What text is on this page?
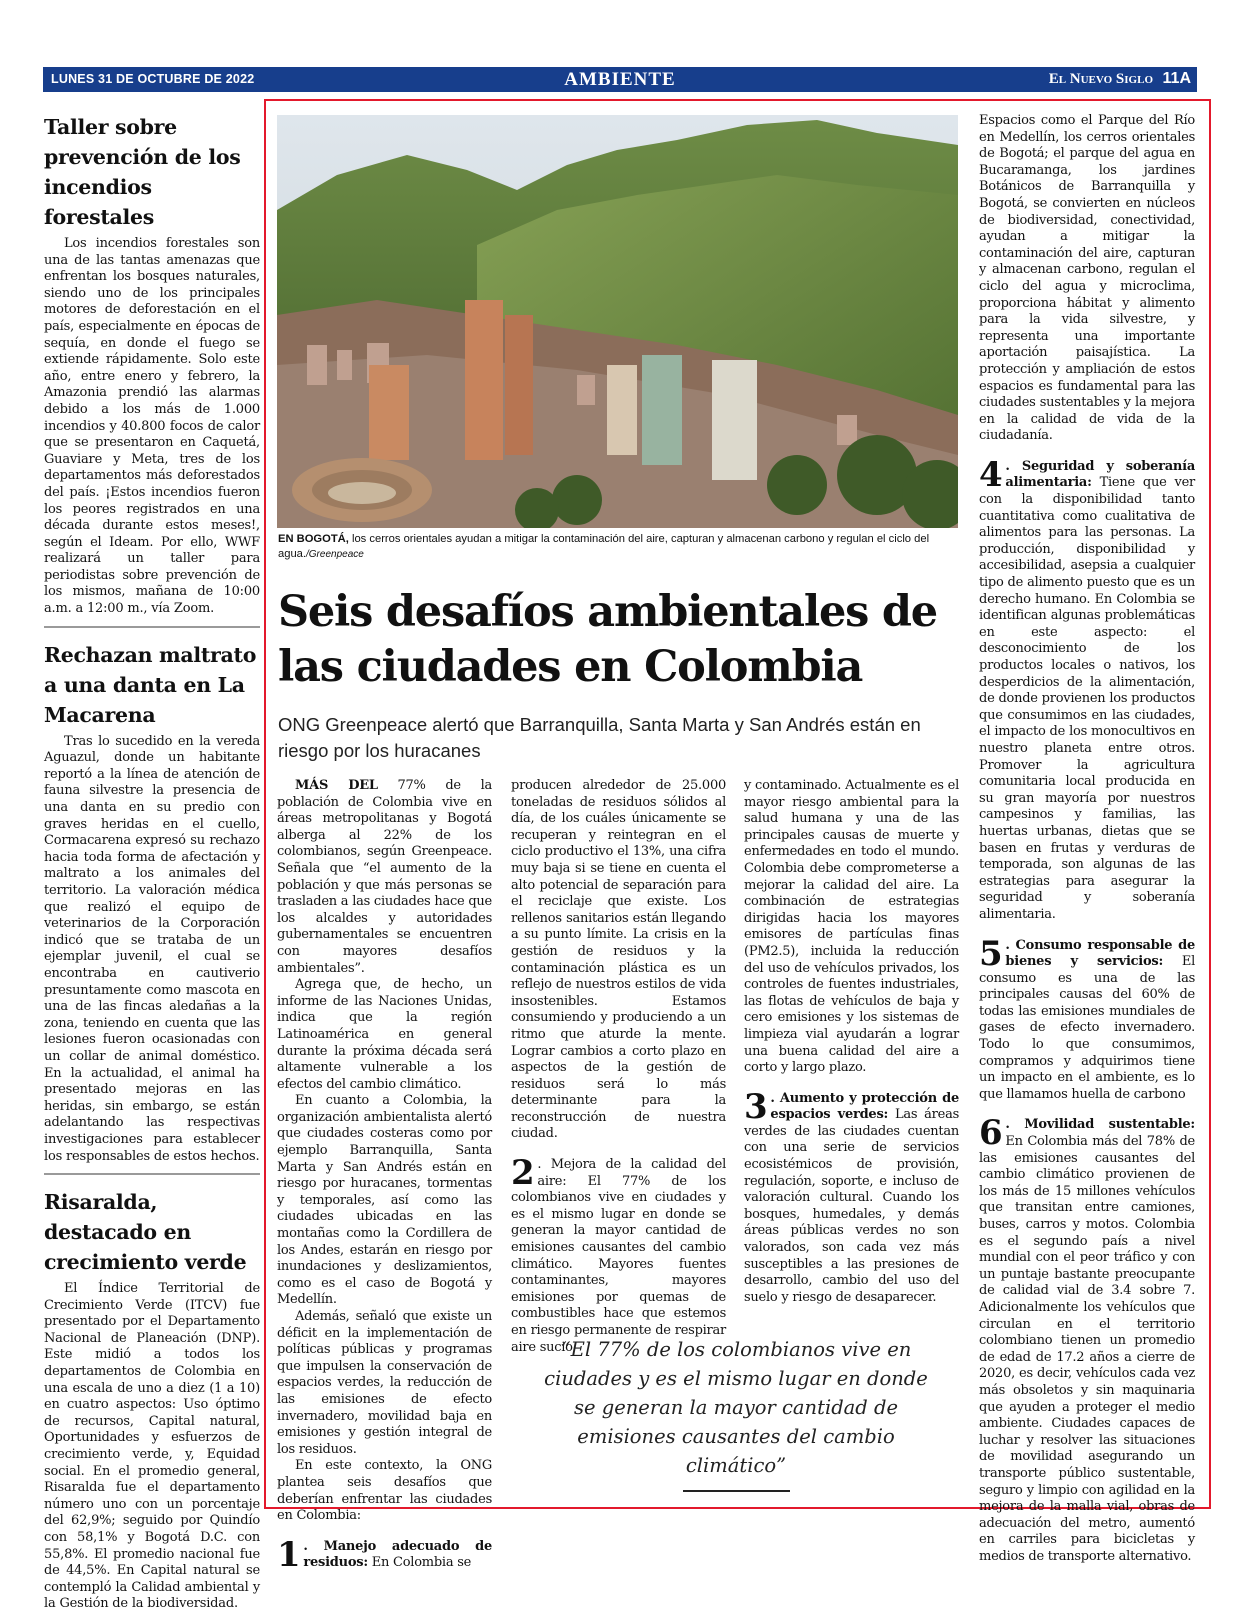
LUNES 31 DE OCTUBRE DE 2022	AMBIENTE	El Nuevo Siglo 11A
Taller sobre prevención de los incendios forestales

Los incendios forestales son una de las tantas amenazas que enfrentan los bosques naturales, siendo uno de los principales motores de deforestación en el país, especialmente en épocas de sequía, en donde el fuego se extiende rápidamente. Solo este año, entre enero y febrero, la Amazonia prendió las alarmas debido a los más de 1.000 incendios y 40.800 focos de calor que se presentaron en Caquetá, Guaviare y Meta, tres de los departamentos más deforestados del país. ¡Estos incendios fueron los peores registrados en una década durante estos meses!, según el Ideam. Por ello, WWF realizará un taller para periodistas sobre prevención de los mismos, mañana de 10:00 a.m. a 12:00 m., vía Zoom.

Rechazan maltrato a una danta en La Macarena

Tras lo sucedido en la vereda Aguazul, donde un habitante reportó a la línea de atención de fauna silvestre la presencia de una danta en su predio con graves heridas en el cuello, Cormacarena expresó su rechazo hacia toda forma de afectación y maltrato a los animales del territorio. La valoración médica que realizó el equipo de veterinarios de la Corporación indicó que se trataba de un ejemplar juvenil, el cual se encontraba en cautiverio presuntamente como mascota en una de las fincas aledañas a la zona, teniendo en cuenta que las lesiones fueron ocasionadas con un collar de animal doméstico. En la actualidad, el animal ha presentado mejoras en las heridas, sin embargo, se están adelantando las respectivas investigaciones para establecer los responsables de estos hechos.

Risaralda, destacado en crecimiento verde

El Índice Territorial de Crecimiento Verde (ITCV) fue presentado por el Departamento Nacional de Planeación (DNP). Este midió a todos los departamentos de Colombia en una escala de uno a diez (1 a 10) en cuatro aspectos: Uso óptimo de recursos, Capital natural, Oportunidades y esfuerzos de crecimiento verde, y, Equidad social. En el promedio general, Risaralda fue el departamento número uno con un porcentaje del 62,9%; seguido por Quindío con 58,1% y Bogotá D.C. con 55,8%. El promedio nacional fue de 44,5%. En Capital natural se contempló la Calidad ambiental y la Gestión de la biodiversidad.

EN BOGOTÁ, los cerros orientales ayudan a mitigar la contaminación del aire, capturan y almacenan carbono y regulan el ciclo del agua./Greenpeace
Seis desafíos ambientales de las ciudades en Colombia

ONG Greenpeace alertó que Barranquilla, Santa Marta y San Andrés están en riesgo por los huracanes

MÁS DEL 77% de la población de Colombia vive en áreas metropolitanas y Bogotá alberga al 22% de los colombianos, según Greenpeace. Señala que “el aumento de la población y que más personas se trasladen a las ciudades hace que los alcaldes y autoridades gubernamentales se encuentren con mayores desafíos ambientales”.

Agrega que, de hecho, un informe de las Naciones Unidas, indica que la región Latinoamérica en general durante la próxima década será altamente vulnerable a los efectos del cambio climático.

En cuanto a Colombia, la organización ambientalista alertó que ciudades costeras como por ejemplo Barranquilla, Santa Marta y San Andrés están en riesgo por huracanes, tormentas y temporales, así como las ciudades ubicadas en las montañas como la Cordillera de los Andes, estarán en riesgo por inundaciones y deslizamientos, como es el caso de Bogotá y Medellín.

Además, señaló que existe un déficit en la implementación de políticas públicas y programas que impulsen la conservación de espacios verdes, la reducción de las emisiones de efecto invernadero, movilidad baja en emisiones y gestión integral de los residuos.

En este contexto, la ONG plantea seis desafíos que deberían enfrentar las ciudades en Colombia:

1 . Manejo adecuado de residuos: En Colombia se

producen alrededor de 25.000 toneladas de residuos sólidos al día, de los cuáles únicamente se recuperan y reintegran en el ciclo productivo el 13%, una cifra muy baja si se tiene en cuenta el alto potencial de separación para el reciclaje que existe. Los rellenos sanitarios están llegando a su punto límite. La crisis en la gestión de residuos y la contaminación plástica es un reflejo de nuestros estilos de vida insostenibles. Estamos consumiendo y produciendo a un ritmo que aturde la mente. Lograr cambios a corto plazo en aspectos de la gestión de residuos será lo más determinante para la reconstrucción de nuestra ciudad.

2 . Mejora de la calidad del aire: El 77% de los colombianos vive en ciudades y es el mismo lugar en donde se generan la mayor cantidad de emisiones causantes del cambio climático. Mayores fuentes contaminantes, mayores emisiones por quemas de combustibles hace que estemos en riesgo permanente de respirar aire sucio

y contaminado. Actualmente es el mayor riesgo ambiental para la salud humana y una de las principales causas de muerte y enfermedades en todo el mundo. Colombia debe comprometerse a mejorar la calidad del aire. La combinación de estrategias dirigidas hacia los mayores emisores de partículas finas (PM2.5), incluida la reducción del uso de vehículos privados, los controles de fuentes industriales, las flotas de vehículos de baja y cero emisiones y los sistemas de limpieza vial ayudarán a lograr una buena calidad del aire a corto y largo plazo.

3 . Aumento y protección de espacios verdes: Las áreas verdes de las ciudades cuentan con una serie de servicios ecosistémicos de provisión, regulación, soporte, e incluso de valoración cultural. Cuando los bosques, humedales, y demás áreas públicas verdes no son valorados, son cada vez más susceptibles a las presiones de desarrollo, cambio del uso del suelo y riesgo de desaparecer.

Espacios como el Parque del Río en Medellín, los cerros orientales de Bogotá; el parque del agua en Bucaramanga, los jardines Botánicos de Barranquilla y Bogotá, se convierten en núcleos de biodiversidad, conectividad, ayudan a mitigar la contaminación del aire, capturan y almacenan carbono, regulan el ciclo del agua y microclima, proporciona hábitat y alimento para la vida silvestre, y representa una importante aportación paisajística. La protección y ampliación de estos espacios es fundamental para las ciudades sustentables y la mejora en la calidad de vida de la ciudadanía.

4 . Seguridad y soberanía alimentaria: Tiene que ver con la disponibilidad tanto cuantitativa como cualitativa de alimentos para las personas. La producción, disponibilidad y accesibilidad, asepsia a cualquier tipo de alimento puesto que es un derecho humano. En Colombia se identifican algunas problemáticas en este aspecto: el desconocimiento de los productos locales o nativos, los desperdicios de la alimentación, de donde provienen los productos que consumimos en las ciudades, el impacto de los monocultivos en nuestro planeta entre otros. Promover la agricultura comunitaria local producida en su gran mayoría por nuestros campesinos y familias, las huertas urbanas, dietas que se basen en frutas y verduras de temporada, son algunas de las estrategias para asegurar la seguridad y soberanía alimentaria.

5 . Consumo responsable de bienes y servicios: El consumo es una de las principales causas del 60% de todas las emisiones mundiales de gases de efecto invernadero. Todo lo que consumimos, compramos y adquirimos tiene un impacto en el ambiente, es lo que llamamos huella de carbono

6 . Movilidad sustentable: En Colombia más del 78% de las emisiones causantes del cambio climático provienen de los más de 15 millones vehículos que transitan entre camiones, buses, carros y motos. Colombia es el segundo país a nivel mundial con el peor tráfico y con un puntaje bastante preocupante de calidad vial de 3.4 sobre 7. Adicionalmente los vehículos que circulan en el territorio colombiano tienen un promedio de edad de 17.2 años a cierre de 2020, es decir, vehículos cada vez más obsoletos y sin maquinaria que ayuden a proteger el medio ambiente. Ciudades capaces de luchar y resolver las situaciones de movilidad asegurando un transporte público sustentable, seguro y limpio con agilidad en la mejora de la malla vial, obras de adecuación del metro, aumentó en carriles para bicicletas y medios de transporte alternativo.

“El 77% de los colombianos vive en ciudades y es el mismo lugar en donde se generan la mayor cantidad de emisiones causantes del cambio climático”
